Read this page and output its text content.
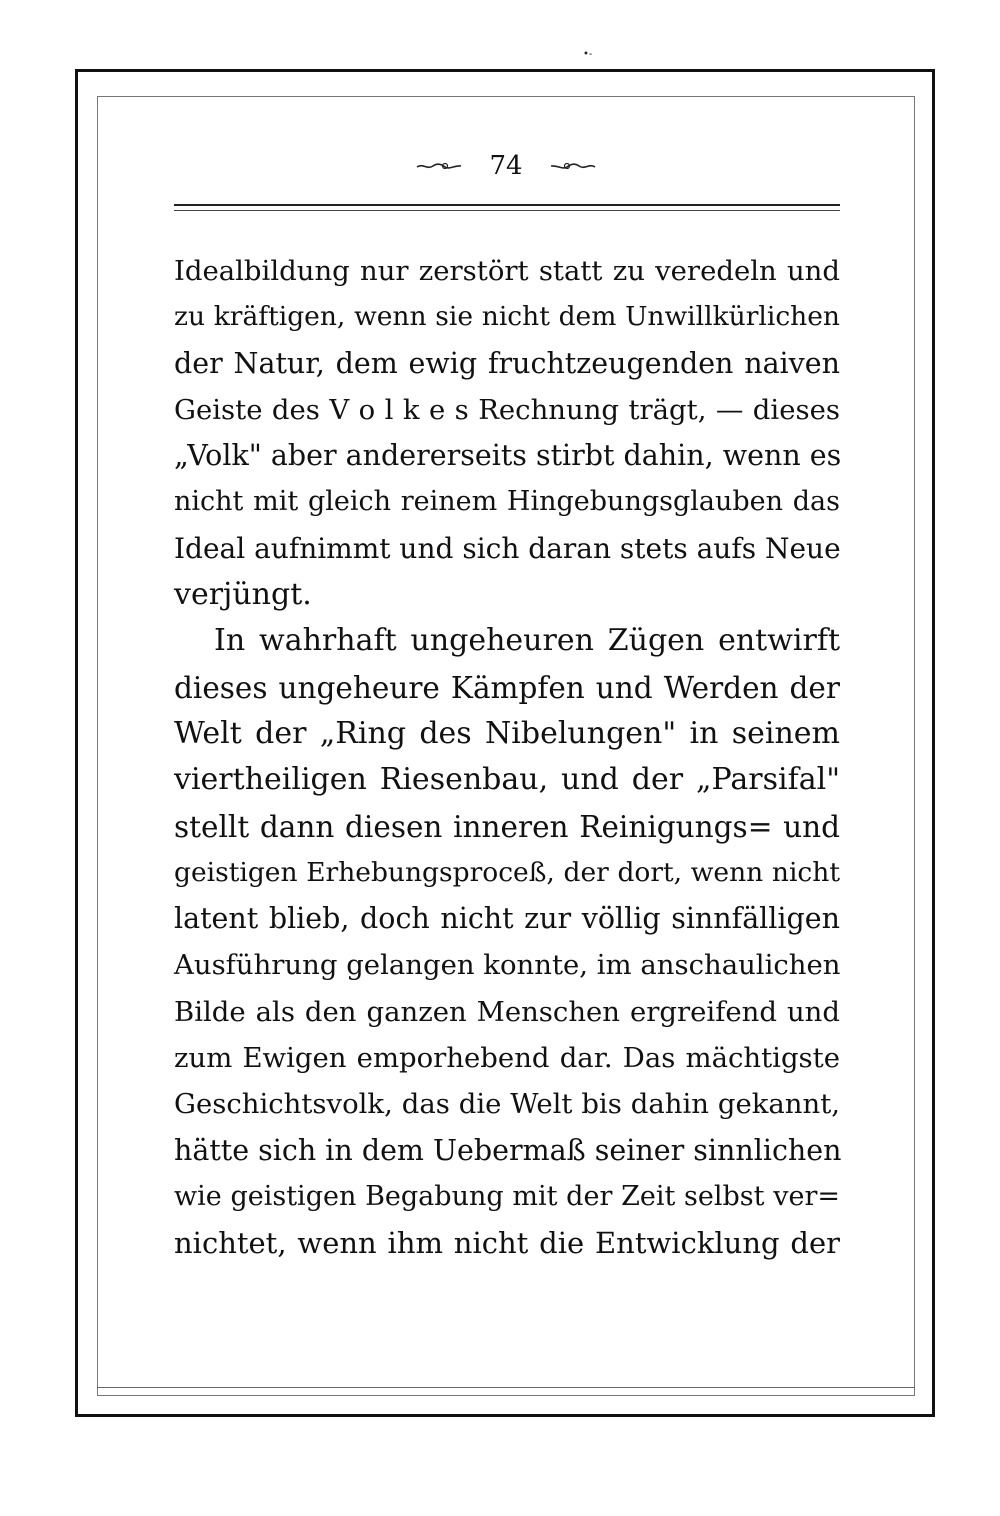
•-
74
Idealbildung nur zerstört statt zu veredeln und
zu kräftigen, wenn sie nicht dem Unwillkürlichen
der Natur, dem ewig fruchtzeugenden naiven
Geiste des V o l k e s Rechnung trägt, — dieses
„Volk" aber andererseits stirbt dahin, wenn es
nicht mit gleich reinem Hingebungsglauben das
Ideal aufnimmt und sich daran stets aufs Neue
verjüngt.
In wahrhaft ungeheuren Zügen entwirft
dieses ungeheure Kämpfen und Werden der
Welt der „Ring des Nibelungen" in seinem
viertheiligen Riesenbau, und der „Parsifal"
stellt dann diesen inneren Reinigungs= und
geistigen Erhebungsproceß, der dort, wenn nicht
latent blieb, doch nicht zur völlig sinnfälligen
Ausführung gelangen konnte, im anschaulichen
Bilde als den ganzen Menschen ergreifend und
zum Ewigen emporhebend dar. Das mächtigste
Geschichtsvolk, das die Welt bis dahin gekannt,
hätte sich in dem Uebermaß seiner sinnlichen
wie geistigen Begabung mit der Zeit selbst ver=
nichtet, wenn ihm nicht die Entwicklung der
